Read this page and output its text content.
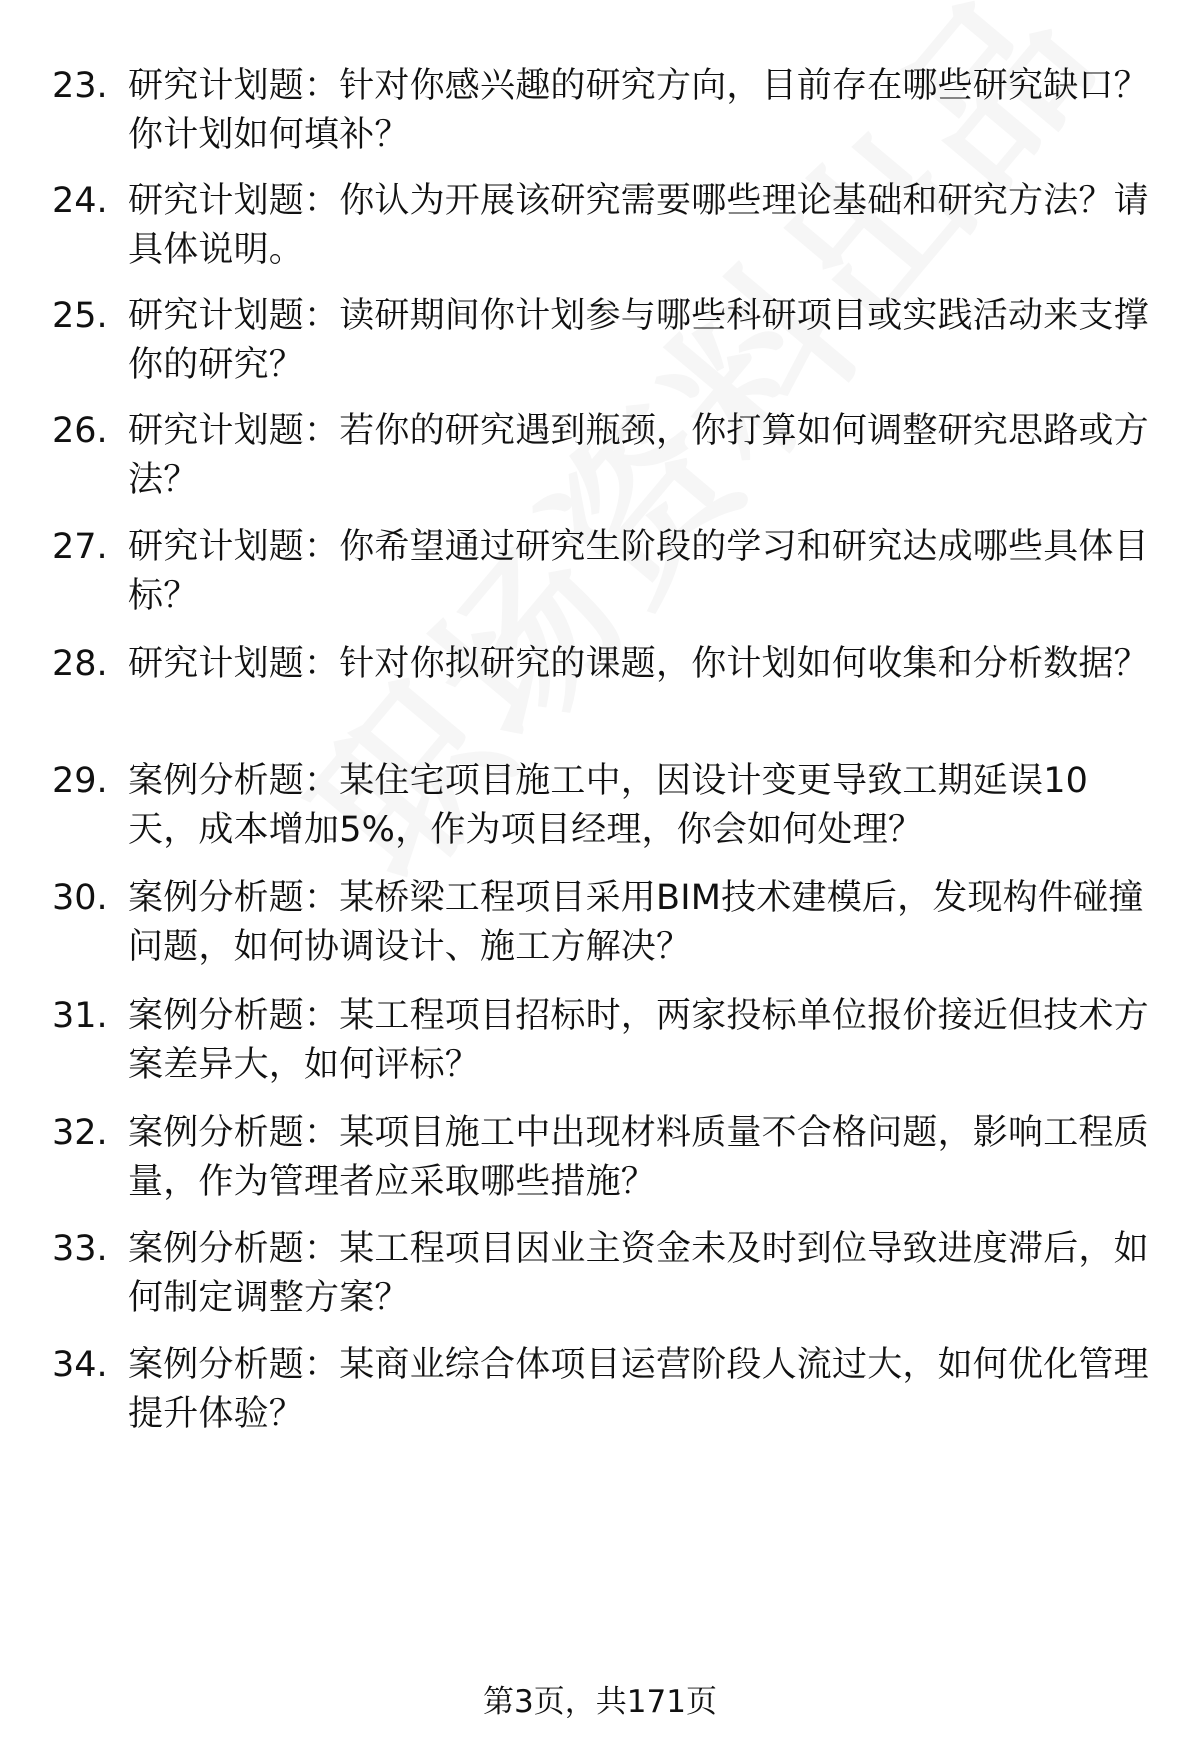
23. 研究计划题：针对你感兴趣的研究方向，目前存在哪些研究缺口？你计划如何填补？
24. 研究计划题：你认为开展该研究需要哪些理论基础和研究方法？请具体说明。
25. 研究计划题：读研期间你计划参与哪些科研项目或实践活动来支撑你的研究？
26. 研究计划题：若你的研究遇到瓶颈，你打算如何调整研究思路或方法？
27. 研究计划题：你希望通过研究生阶段的学习和研究达成哪些具体目标？
28. 研究计划题：针对你拟研究的课题，你计划如何收集和分析数据？
29. 案例分析题：某住宅项目施工中，因设计变更导致工期延误10天，成本增加5%，作为项目经理，你会如何处理？
30. 案例分析题：某桥梁工程项目采用BIM技术建模后，发现构件碰撞问题，如何协调设计、施工方解决？
31. 案例分析题：某工程项目招标时，两家投标单位报价接近但技术方案差异大，如何评标？
32. 案例分析题：某项目施工中出现材料质量不合格问题，影响工程质量，作为管理者应采取哪些措施？
33. 案例分析题：某工程项目因业主资金未及时到位导致进度滞后，如何制定调整方案？
34. 案例分析题：某商业综合体项目运营阶段人流过大，如何优化管理提升体验？
第3页，共171页
